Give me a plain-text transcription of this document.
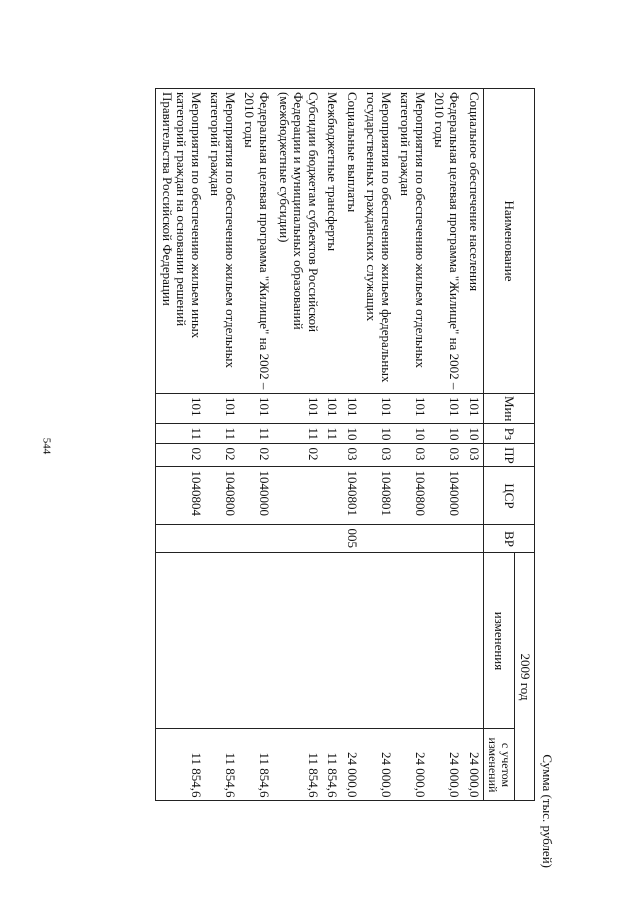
544
Сумма (тыс. рублей)
Наименование	Мин	Рз	ПР	ЦСР	ВР	2009 год	
						изменения	с учетом изменений

Социальное обеспечение населения	101	10	03				24 000,0
Федеральная целевая программа "Жилище" на 2002 – 2010 годы	101	10	03	1040000			24 000,0
Мероприятия по обеспечению жильем отдельных категорий граждан	101	10	03	1040800			24 000,0
Мероприятия по обеспечению жильем федеральных государственных гражданских служащих	101	10	03	1040801			24 000,0
Социальные выплаты	101	10	03	1040801	005		24 000,0
Межбюджетные трансферты	101	11					11 854,6
Субсидии бюджетам субъектов Российской Федерации и муниципальных образований (межбюджетные субсидии)	101	11	02				11 854,6
Федеральная целевая программа "Жилище" на 2002 – 2010 годы	101	11	02	1040000			11 854,6
Мероприятия по обеспечению жильем отдельных категорий граждан	101	11	02	1040800			11 854,6
Мероприятия по обеспечению жильем иных категорий граждан на основании решений Правительства Российской Федерации	101	11	02	1040804			11 854,6
